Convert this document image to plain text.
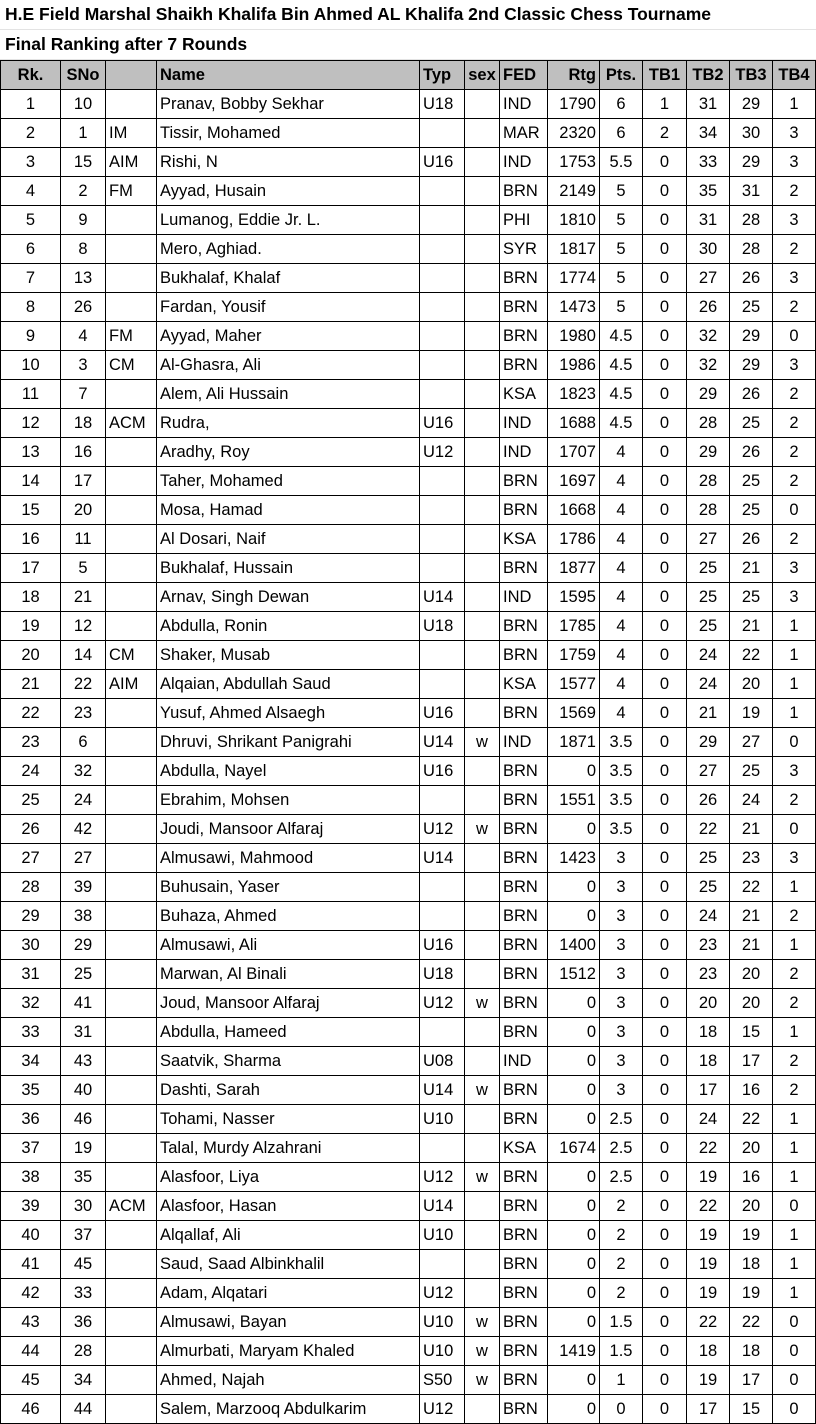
H.E Field Marshal Shaikh Khalifa Bin Ahmed AL Khalifa 2nd Classic Chess Tourname
Final Ranking after 7 Rounds
Rk.	SNo		Name	Typ	sex	FED	Rtg	Pts.	TB1	TB2	TB3	TB4
1	10		Pranav, Bobby Sekhar	U18		IND	1790	6	1	31	29	1
2	1	IM	Tissir, Mohamed			MAR	2320	6	2	34	30	3
3	15	AIM	Rishi, N	U16		IND	1753	5.5	0	33	29	3
4	2	FM	Ayyad, Husain			BRN	2149	5	0	35	31	2
5	9		Lumanog, Eddie Jr. L.			PHI	1810	5	0	31	28	3
6	8		Mero, Aghiad.			SYR	1817	5	0	30	28	2
7	13		Bukhalaf, Khalaf			BRN	1774	5	0	27	26	3
8	26		Fardan, Yousif			BRN	1473	5	0	26	25	2
9	4	FM	Ayyad, Maher			BRN	1980	4.5	0	32	29	0
10	3	CM	Al-Ghasra, Ali			BRN	1986	4.5	0	32	29	3
11	7		Alem, Ali Hussain			KSA	1823	4.5	0	29	26	2
12	18	ACM	Rudra,	U16		IND	1688	4.5	0	28	25	2
13	16		Aradhy, Roy	U12		IND	1707	4	0	29	26	2
14	17		Taher, Mohamed			BRN	1697	4	0	28	25	2
15	20		Mosa, Hamad			BRN	1668	4	0	28	25	0
16	11		Al Dosari, Naif			KSA	1786	4	0	27	26	2
17	5		Bukhalaf, Hussain			BRN	1877	4	0	25	21	3
18	21		Arnav, Singh Dewan	U14		IND	1595	4	0	25	25	3
19	12		Abdulla, Ronin	U18		BRN	1785	4	0	25	21	1
20	14	CM	Shaker, Musab			BRN	1759	4	0	24	22	1
21	22	AIM	Alqaian, Abdullah Saud			KSA	1577	4	0	24	20	1
22	23		Yusuf, Ahmed Alsaegh	U16		BRN	1569	4	0	21	19	1
23	6		Dhruvi, Shrikant Panigrahi	U14	w	IND	1871	3.5	0	29	27	0
24	32		Abdulla, Nayel	U16		BRN	0	3.5	0	27	25	3
25	24		Ebrahim, Mohsen			BRN	1551	3.5	0	26	24	2
26	42		Joudi, Mansoor Alfaraj	U12	w	BRN	0	3.5	0	22	21	0
27	27		Almusawi, Mahmood	U14		BRN	1423	3	0	25	23	3
28	39		Buhusain, Yaser			BRN	0	3	0	25	22	1
29	38		Buhaza, Ahmed			BRN	0	3	0	24	21	2
30	29		Almusawi, Ali	U16		BRN	1400	3	0	23	21	1
31	25		Marwan, Al Binali	U18		BRN	1512	3	0	23	20	2
32	41		Joud, Mansoor Alfaraj	U12	w	BRN	0	3	0	20	20	2
33	31		Abdulla, Hameed			BRN	0	3	0	18	15	1
34	43		Saatvik, Sharma	U08		IND	0	3	0	18	17	2
35	40		Dashti, Sarah	U14	w	BRN	0	3	0	17	16	2
36	46		Tohami, Nasser	U10		BRN	0	2.5	0	24	22	1
37	19		Talal, Murdy Alzahrani			KSA	1674	2.5	0	22	20	1
38	35		Alasfoor, Liya	U12	w	BRN	0	2.5	0	19	16	1
39	30	ACM	Alasfoor, Hasan	U14		BRN	0	2	0	22	20	0
40	37		Alqallaf, Ali	U10		BRN	0	2	0	19	19	1
41	45		Saud, Saad Albinkhalil			BRN	0	2	0	19	18	1
42	33		Adam, Alqatari	U12		BRN	0	2	0	19	19	1
43	36		Almusawi, Bayan	U10	w	BRN	0	1.5	0	22	22	0
44	28		Almurbati, Maryam Khaled	U10	w	BRN	1419	1.5	0	18	18	0
45	34		Ahmed, Najah	S50	w	BRN	0	1	0	19	17	0
46	44		Salem, Marzooq Abdulkarim	U12		BRN	0	0	0	17	15	0
